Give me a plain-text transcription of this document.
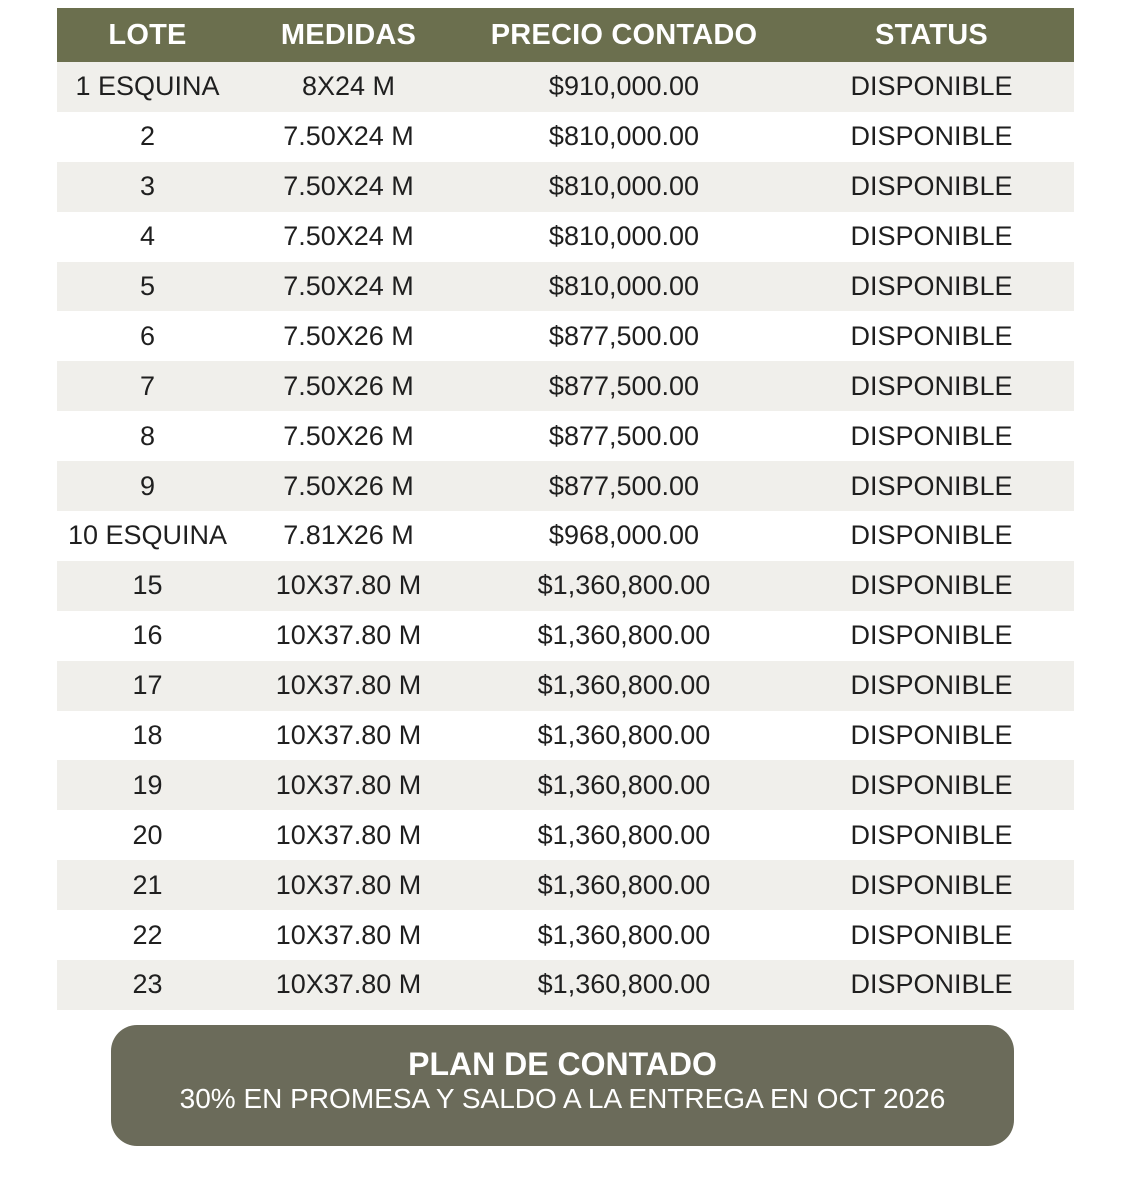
LOTE	MEDIDAS	PRECIO CONTADO	STATUS
1 ESQUINA	8X24 M	$910,000.00	DISPONIBLE
2	7.50X24 M	$810,000.00	DISPONIBLE
3	7.50X24 M	$810,000.00	DISPONIBLE
4	7.50X24 M	$810,000.00	DISPONIBLE
5	7.50X24 M	$810,000.00	DISPONIBLE
6	7.50X26 M	$877,500.00	DISPONIBLE
7	7.50X26 M	$877,500.00	DISPONIBLE
8	7.50X26 M	$877,500.00	DISPONIBLE
9	7.50X26 M	$877,500.00	DISPONIBLE
10 ESQUINA	7.81X26 M	$968,000.00	DISPONIBLE
15	10X37.80 M	$1,360,800.00	DISPONIBLE
16	10X37.80 M	$1,360,800.00	DISPONIBLE
17	10X37.80 M	$1,360,800.00	DISPONIBLE
18	10X37.80 M	$1,360,800.00	DISPONIBLE
19	10X37.80 M	$1,360,800.00	DISPONIBLE
20	10X37.80 M	$1,360,800.00	DISPONIBLE
21	10X37.80 M	$1,360,800.00	DISPONIBLE
22	10X37.80 M	$1,360,800.00	DISPONIBLE
23	10X37.80 M	$1,360,800.00	DISPONIBLE
PLAN DE CONTADO
30% EN PROMESA Y SALDO A LA ENTREGA EN OCT 2026
